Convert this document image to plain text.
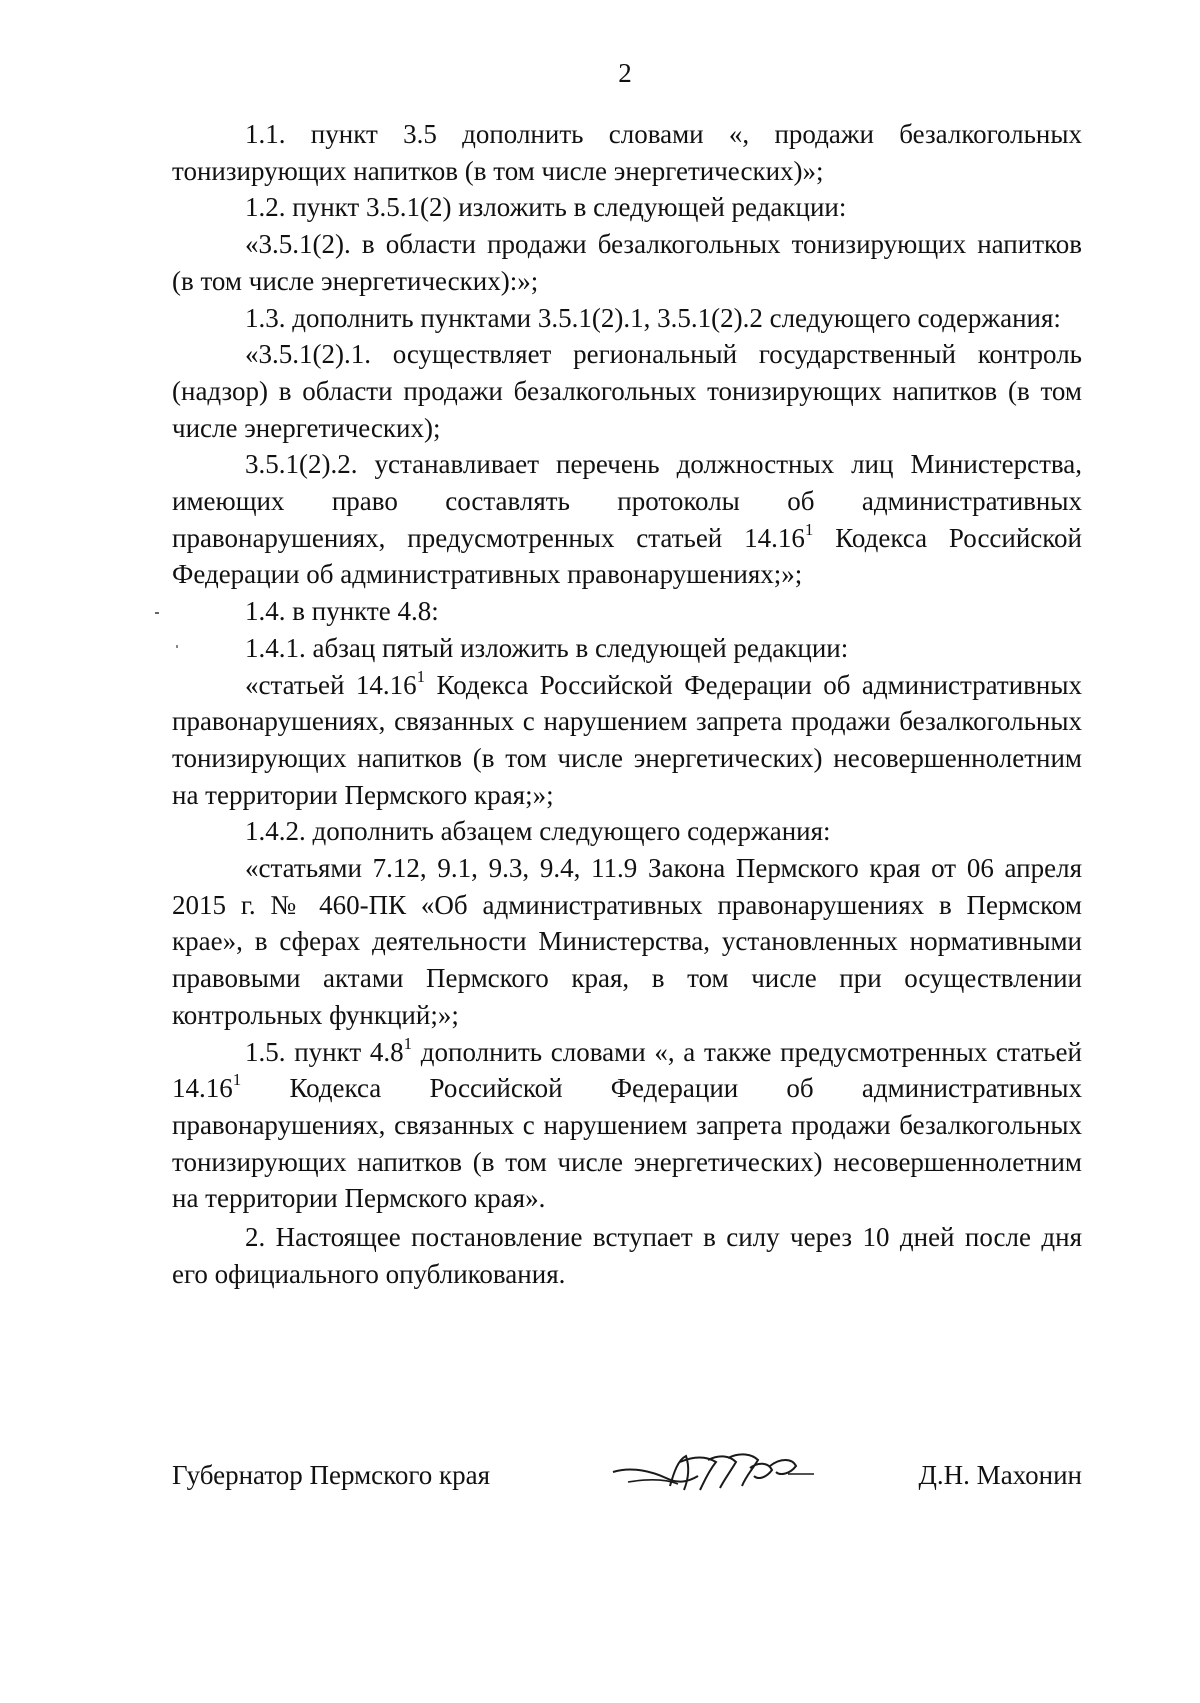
2

1.1. пункт 3.5 дополнить словами «, продажи безалкогольных тонизирующих напитков (в том числе энергетических)»;

1.2. пункт 3.5.1(2) изложить в следующей редакции:

«3.5.1(2). в области продажи безалкогольных тонизирующих напитков (в том числе энергетических):»;

1.3. дополнить пунктами 3.5.1(2).1, 3.5.1(2).2 следующего содержания:

«3.5.1(2).1. осуществляет региональный государственный контроль (надзор) в области продажи безалкогольных тонизирующих напитков (в том числе энергетических);

3.5.1(2).2. устанавливает перечень должностных лиц Министерства, имеющих право составлять протоколы об административных правонарушениях, предусмотренных статьей 14.16$^1$ Кодекса Российской Федерации об административных правонарушениях;»;

1.4. в пункте 4.8:

1.4.1. абзац пятый изложить в следующей редакции:

«статьей 14.16$^1$ Кодекса Российской Федерации об административных правонарушениях, связанных с нарушением запрета продажи безалкогольных тонизирующих напитков (в том числе энергетических) несовершеннолетним на территории Пермского края;»;

1.4.2. дополнить абзацем следующего содержания:

«статьями 7.12, 9.1, 9.3, 9.4, 11.9 Закона Пермского края от 06 апреля 2015 г. № 460-ПК «Об административных правонарушениях в Пермском крае», в сферах деятельности Министерства, установленных нормативными правовыми актами Пермского края, в том числе при осуществлении контрольных функций;»;

1.5. пункт $4.8^1$ дополнить словами «, а также предусмотренных статьей 14.16$^1$ Кодекса Российской Федерации об административных правонарушениях, связанных с нарушением запрета продажи безалкогольных тонизирующих напитков (в том числе энергетических) несовершеннолетним на территории Пермского края».

2. Настоящее постановление вступает в силу через 10 дней после дня его официального опубликования.

Губернатор Пермского края	Д.Н. Махонин
